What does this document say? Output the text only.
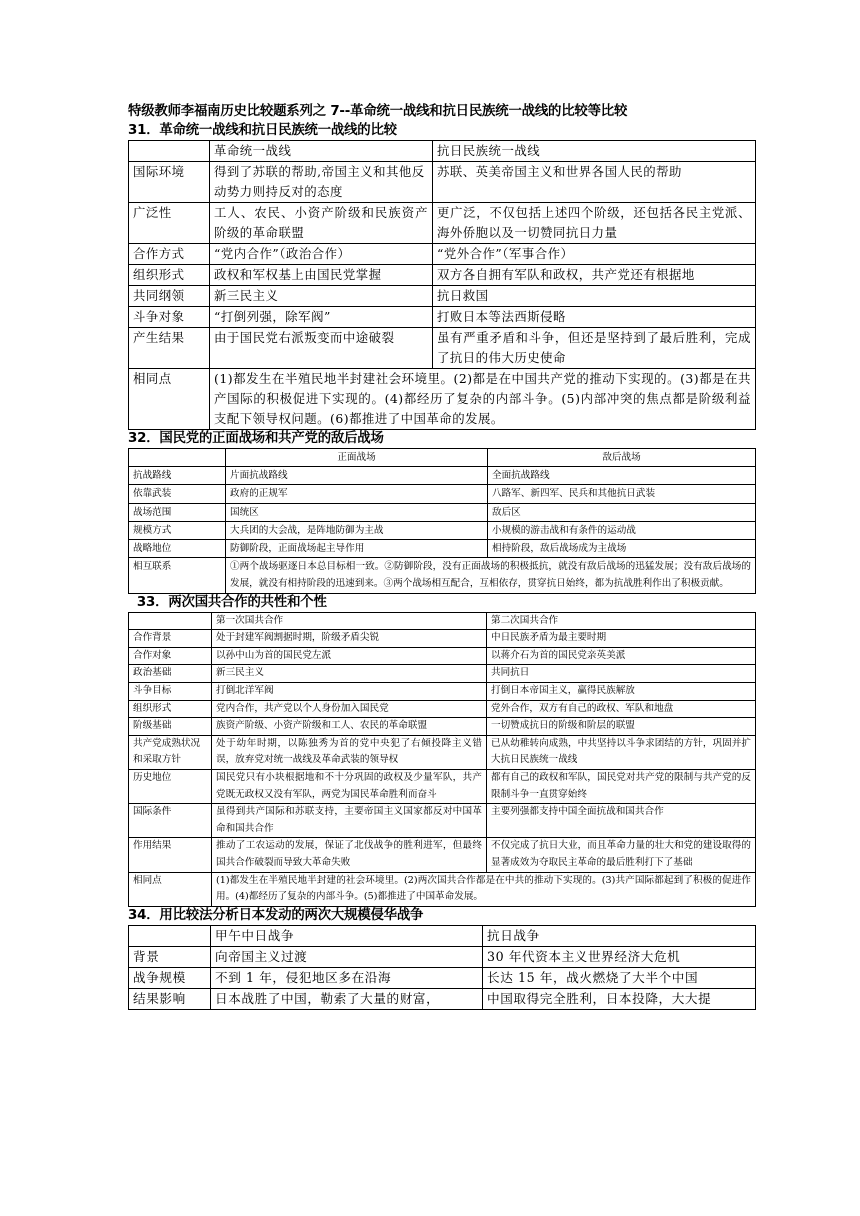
特级教师李福南历史比较题系列之 7--革命统一战线和抗日民族统一战线的比较等比较
31．革命统一战线和抗日民族统一战线的比较
	革命统一战线	抗日民族统一战线
国际环境	得到了苏联的帮助,帝国主义和其他反动势力则持反对的态度	苏联、英美帝国主义和世界各国人民的帮助
广泛性	工人、农民、小资产阶级和民族资产阶级的革命联盟	更广泛，不仅包括上述四个阶级，还包括各民主党派、海外侨胞以及一切赞同抗日力量
合作方式	“党内合作”（政治合作）	“党外合作”（军事合作）
组织形式	政权和军权基上由国民党掌握	双方各自拥有军队和政权，共产党还有根据地
共同纲领	新三民主义	抗日救国
斗争对象	“打倒列强，除军阀”	打败日本等法西斯侵略
产生结果	由于国民党右派叛变而中途破裂	虽有严重矛盾和斗争，但还是坚持到了最后胜利，完成了抗日的伟大历史使命
相同点	(1)都发生在半殖民地半封建社会环境里。(2)都是在中国共产党的推动下实现的。(3)都是在共产国际的积极促进下实现的。(4)都经历了复杂的内部斗争。(5)内部冲突的焦点都是阶级利益支配下领导权问题。(6)都推进了中国革命的发展。	
32．国民党的正面战场和共产党的敌后战场
	正面战场	敌后战场
抗战路线	片面抗战路线	全面抗战路线
依靠武装	政府的正规军	八路军、新四军、民兵和其他抗日武装
战场范围	国统区	敌后区
规模方式	大兵团的大会战，是阵地防御为主战	小规模的游击战和有条件的运动战
战略地位	防御阶段，正面战场起主导作用	相持阶段，敌后战场成为主战场
相互联系	①两个战场驱逐日本总目标相一致。②防御阶段，没有正面战场的积极抵抗，就没有敌后战场的迅猛发展；没有敌后战场的发展，就没有相持阶段的迅速到来。③两个战场相互配合，互相依存，贯穿抗日始终，都为抗战胜利作出了积极贡献。	
33．两次国共合作的共性和个性
	第一次国共合作	第二次国共合作
合作背景	处于封建军阀割据时期，阶级矛盾尖锐	中日民族矛盾为最主要时期
合作对象	以孙中山为首的国民党左派	以蒋介石为首的国民党亲英美派
政治基础	新三民主义	共同抗日
斗争目标	打倒北洋军阀	打倒日本帝国主义，赢得民族解放
组织形式	党内合作，共产党以个人身份加入国民党	党外合作，双方有自己的政权、军队和地盘
阶级基础	族资产阶级、小资产阶级和工人、农民的革命联盟	一切赞成抗日的阶级和阶层的联盟
共产党成熟状况和采取方针	处于幼年时期，以陈独秀为首的党中央犯了右倾投降主义错误，放弃党对统一战线及革命武装的领导权	已从幼稚转向成熟，中共坚持以斗争求团结的方针，巩固并扩大抗日民族统一战线
历史地位	国民党只有小块根据地和不十分巩固的政权及少量军队，共产党既无政权又没有军队，两党为国民革命胜利而奋斗	都有自己的政权和军队，国民党对共产党的限制与共产党的反限制斗争一直贯穿始终
国际条件	虽得到共产国际和苏联支持，主要帝国主义国家都反对中国革命和国共合作	主要列强都支持中国全面抗战和国共合作
作用结果	推动了工农运动的发展，保证了北伐战争的胜利进军，但最终国共合作破裂而导致大革命失败	不仅完成了抗日大业，而且革命力量的壮大和党的建设取得的显著成效为夺取民主革命的最后胜利打下了基础
相同点	(1)都发生在半殖民地半封建的社会环境里。(2)两次国共合作都是在中共的推动下实现的。(3)共产国际都起到了积极的促进作用。(4)都经历了复杂的内部斗争。(5)都推进了中国革命发展。	
34．用比较法分析日本发动的两次大规模侵华战争
	甲午中日战争	抗日战争
背景	向帝国主义过渡	30 年代资本主义世界经济大危机
战争规模	不到 1 年，侵犯地区多在沿海	长达 15 年，战火燃烧了大半个中国
结果影响	日本战胜了中国，勒索了大量的财富，	中国取得完全胜利，日本投降，大大提
